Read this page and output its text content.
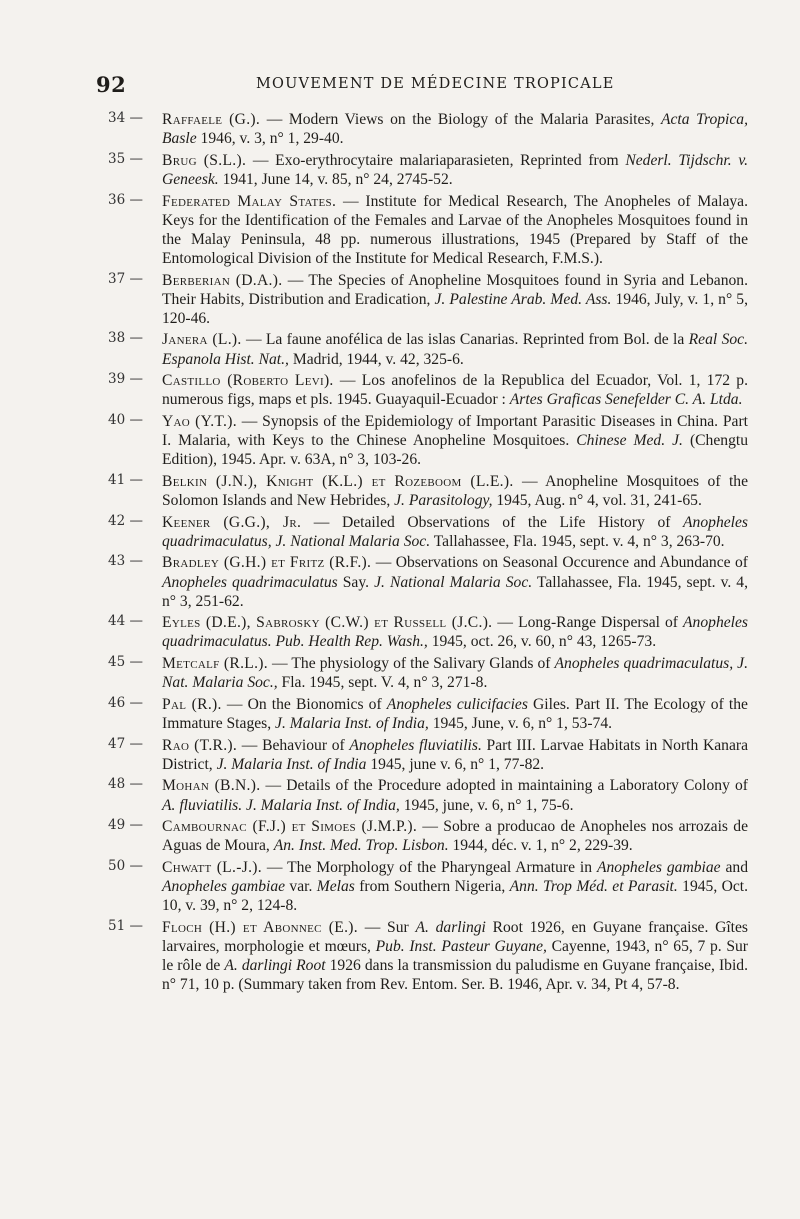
92	MOUVEMENT DE MÉDECINE TROPICALE
34 —	Raffaele (G.). — Modern Views on the Biology of the Malaria Parasites, Acta Tropica, Basle 1946, v. 3, n° 1, 29-40.
35 —	Brug (S.L.). — Exo-erythrocytaire malariaparasieten, Reprinted from Nederl. Tijdschr. v. Geneesk. 1941, June 14, v. 85, n° 24, 2745-52.
36 —	Federated Malay States. — Institute for Medical Research, The Anopheles of Malaya. Keys for the Identification of the Females and Larvae of the Anopheles Mosquitoes found in the Malay Peninsula, 48 pp. numerous illustrations, 1945 (Prepared by Staff of the Entomological Division of the Institute for Medical Research, F.M.S.).
37 —	Berberian (D.A.). — The Species of Anopheline Mosquitoes found in Syria and Lebanon. Their Habits, Distribution and Eradication, J. Palestine Arab. Med. Ass. 1946, July, v. 1, n° 5, 120-46.
38 —	Janera (L.). — La faune anofélica de las islas Canarias. Reprinted from Bol. de la Real Soc. Espanola Hist. Nat., Madrid, 1944, v. 42, 325-6.
39 —	Castillo (Roberto Levi). — Los anofelinos de la Republica del Ecuador, Vol. 1, 172 p. numerous figs, maps et pls. 1945. Guayaquil-Ecuador : Artes Graficas Senefelder C. A. Ltda.
40 —	Yao (Y.T.). — Synopsis of the Epidemiology of Important Parasitic Diseases in China. Part I. Malaria, with Keys to the Chinese Anopheline Mosquitoes. Chinese Med. J. (Chengtu Edition), 1945. Apr. v. 63A, n° 3, 103-26.
41 —	Belkin (J.N.), Knight (K.L.) et Rozeboom (L.E.). — Anopheline Mosquitoes of the Solomon Islands and New Hebrides, J. Parasitology, 1945, Aug. n° 4, vol. 31, 241-65.
42 —	Keener (G.G.), Jr. — Detailed Observations of the Life History of Anopheles quadrimaculatus, J. National Malaria Soc. Tallahassee, Fla. 1945, sept. v. 4, n° 3, 263-70.
43 —	Bradley (G.H.) et Fritz (R.F.). — Observations on Seasonal Occurence and Abundance of Anopheles quadrimaculatus Say. J. National Malaria Soc. Tallahassee, Fla. 1945, sept. v. 4, n° 3, 251-62.
44 —	Eyles (D.E.), Sabrosky (C.W.) et Russell (J.C.). — Long-Range Dispersal of Anopheles quadrimaculatus. Pub. Health Rep. Wash., 1945, oct. 26, v. 60, n° 43, 1265-73.
45 —	Metcalf (R.L.). — The physiology of the Salivary Glands of Anopheles quadrimaculatus, J. Nat. Malaria Soc., Fla. 1945, sept. V. 4, n° 3, 271-8.
46 —	Pal (R.). — On the Bionomics of Anopheles culicifacies Giles. Part II. The Ecology of the Immature Stages, J. Malaria Inst. of India, 1945, June, v. 6, n° 1, 53-74.
47 —	Rao (T.R.). — Behaviour of Anopheles fluviatilis. Part III. Larvae Habitats in North Kanara District, J. Malaria Inst. of India 1945, june v. 6, n° 1, 77-82.
48 —	Mohan (B.N.). — Details of the Procedure adopted in maintaining a Laboratory Colony of A. fluviatilis. J. Malaria Inst. of India, 1945, june, v. 6, n° 1, 75-6.
49 —	Cambournac (F.J.) et Simoes (J.M.P.). — Sobre a producao de Anopheles nos arrozais de Aguas de Moura, An. Inst. Med. Trop. Lisbon. 1944, déc. v. 1, n° 2, 229-39.
50 —	Chwatt (L.-J.). — The Morphology of the Pharyngeal Armature in Anopheles gambiae and Anopheles gambiae var. Melas from Southern Nigeria, Ann. Trop Méd. et Parasit. 1945, Oct. 10, v. 39, n° 2, 124-8.
51 —	Floch (H.) et Abonnec (E.). — Sur A. darlingi Root 1926, en Guyane française. Gîtes larvaires, morphologie et mœurs, Pub. Inst. Pasteur Guyane, Cayenne, 1943, n° 65, 7 p. Sur le rôle de A. darlingi Root 1926 dans la transmission du paludisme en Guyane française, Ibid. n° 71, 10 p. (Summary taken from Rev. Entom. Ser. B. 1946, Apr. v. 34, Pt 4, 57-8.
